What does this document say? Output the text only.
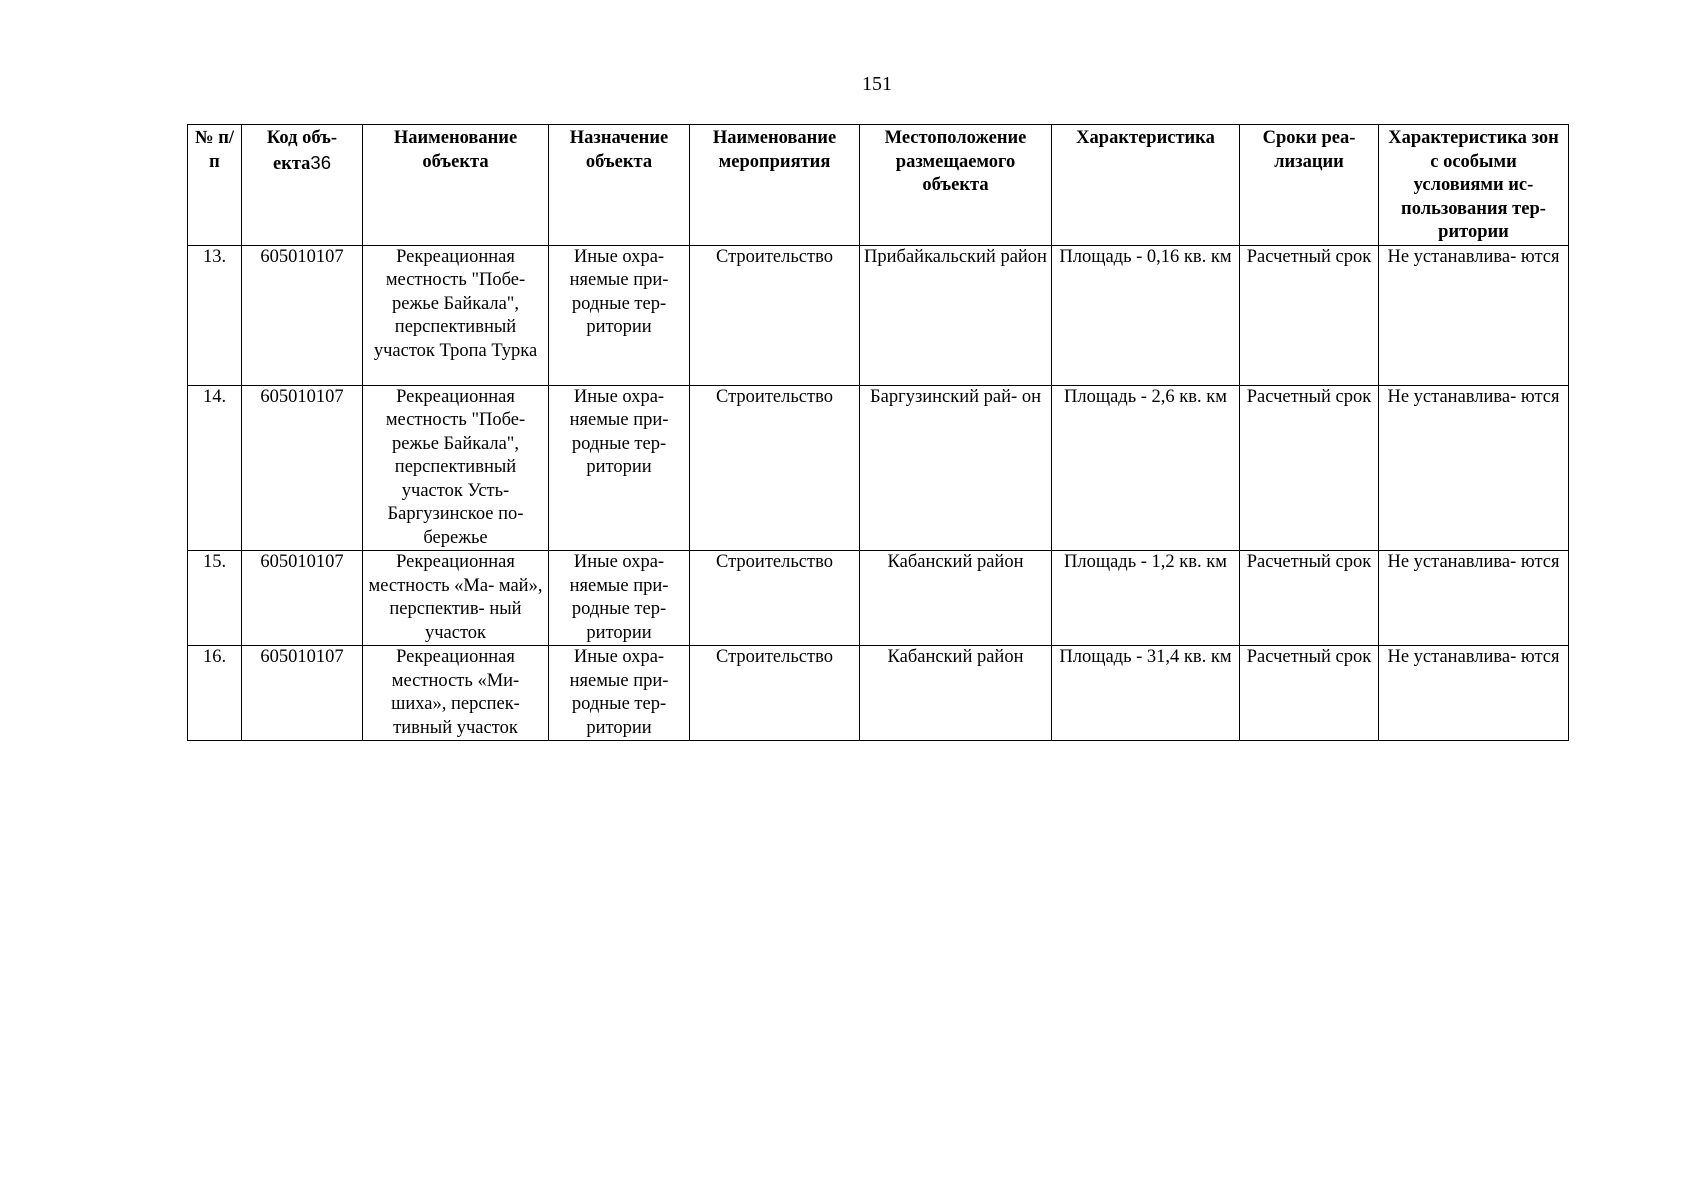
151
№ п/п	Код объ- екта36	Наименование объекта	Назначение объекта	Наименование мероприятия	Местоположение размещаемого объекта	Характеристика	Сроки реа- лизации	Характеристика зон с особыми условиями ис- пользования тер- ритории
13.	605010107	Рекреационная местность "Побе- режье Байкала", перспективный участок Тропа Турка	Иные охра- няемые при- родные тер- ритории	Строительство	Прибайкальский район	Площадь - 0,16 кв. км	Расчетный срок	Не устанавлива- ются
14.	605010107	Рекреационная местность "Побе- режье Байкала", перспективный участок Усть- Баргузинское по- бережье	Иные охра- няемые при- родные тер- ритории	Строительство	Баргузинский рай- он	Площадь - 2,6 кв. км	Расчетный срок	Не устанавлива- ются
15.	605010107	Рекреационная местность «Ма- май», перспектив- ный участок	Иные охра- няемые при- родные тер- ритории	Строительство	Кабанский район	Площадь - 1,2 кв. км	Расчетный срок	Не устанавлива- ются
16.	605010107	Рекреационная местность «Ми- шиха», перспек- тивный участок	Иные охра- няемые при- родные тер- ритории	Строительство	Кабанский район	Площадь - 31,4 кв. км	Расчетный срок	Не устанавлива- ются
